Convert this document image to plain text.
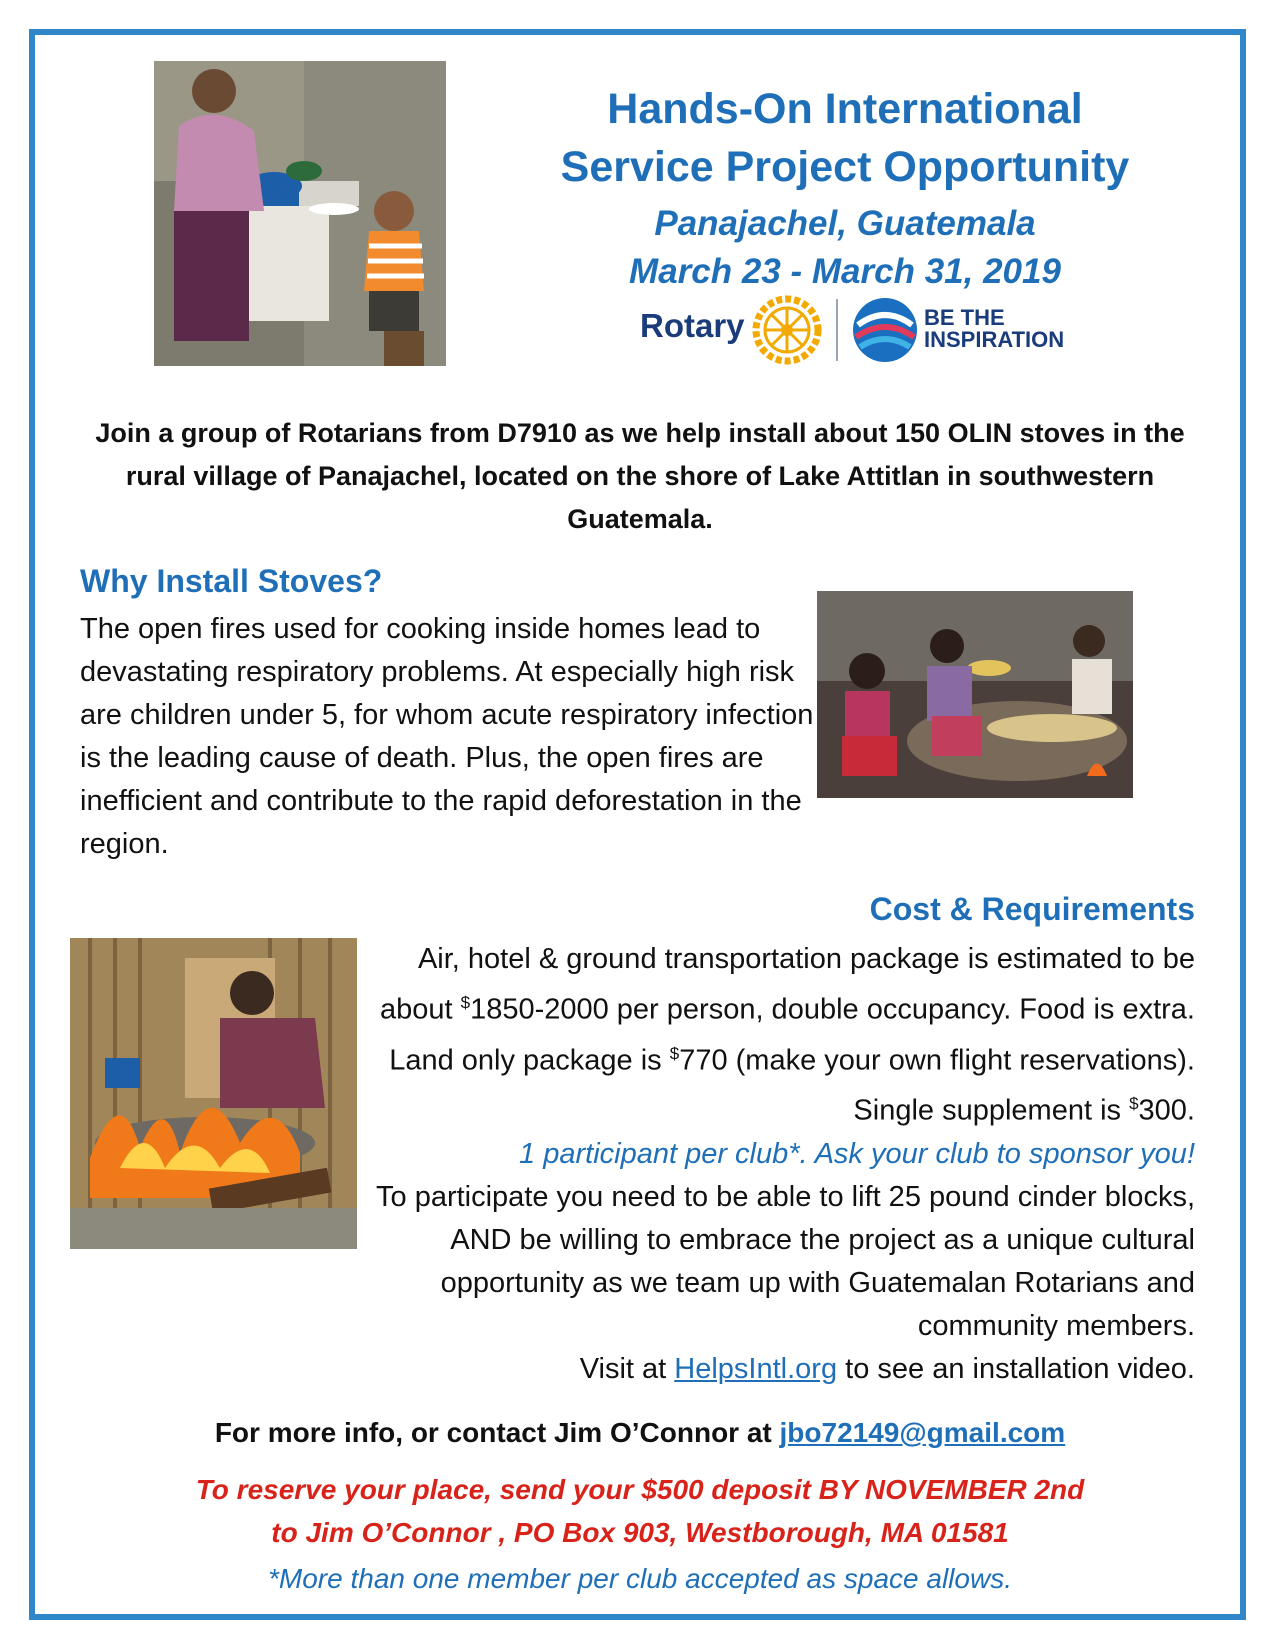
Hands-On International
Service Project Opportunity
Panajachel, Guatemala
March 23 - March 31, 2019
Rotary	BE THE
INSPIRATION
Join a group of Rotarians from D7910 as we help install about 150 OLIN stoves in the rural village of Panajachel, located on the shore of Lake Attitlan in southwestern Guatemala.
Why Install Stoves?
The open fires used for cooking inside homes lead to devastating respiratory problems. At especially high risk are children under 5, for whom acute respiratory infection is the leading cause of death. Plus, the open fires are inefficient and contribute to the rapid deforestation in the region.
Cost & Requirements
Air, hotel & ground transportation package is estimated to be about $1850-2000 per person, double occupancy. Food is extra. Land only package is $770 (make your own flight reservations). Single supplement is $300.
1 participant per club*. Ask your club to sponsor you!
To participate you need to be able to lift 25 pound cinder blocks, AND be willing to embrace the project as a unique cultural opportunity as we team up with Guatemalan Rotarians and community members.
Visit at HelpsIntl.org to see an installation video.
For more info, or contact Jim O’Connor at jbo72149@gmail.com
To reserve your place, send your $500 deposit BY NOVEMBER 2nd
to Jim O’Connor , PO Box 903, Westborough, MA 01581
*More than one member per club accepted as space allows.
